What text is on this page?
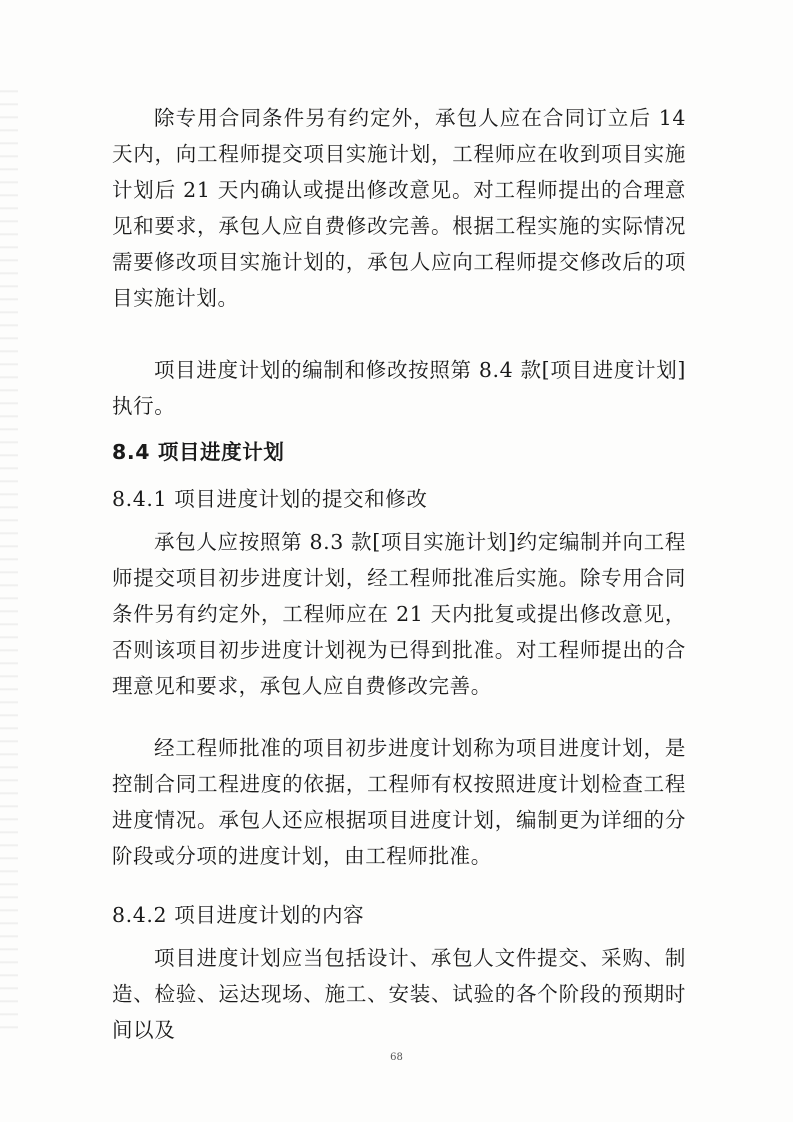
除专用合同条件另有约定外，承包人应在合同订立后 14 天内，向工程师提交项目实施计划，工程师应在收到项目实施计划后 21 天内确认或提出修改意见。对工程师提出的合理意见和要求，承包人应自费修改完善。根据工程实施的实际情况需要修改项目实施计划的，承包人应向工程师提交修改后的项目实施计划。

项目进度计划的编制和修改按照第 8.4 款[项目进度计划]执行。

8.4 项目进度计划

8.4.1 项目进度计划的提交和修改

承包人应按照第 8.3 款[项目实施计划]约定编制并向工程师提交项目初步进度计划，经工程师批准后实施。除专用合同条件另有约定外，工程师应在 21 天内批复或提出修改意见，否则该项目初步进度计划视为已得到批准。对工程师提出的合理意见和要求，承包人应自费修改完善。

经工程师批准的项目初步进度计划称为项目进度计划，是控制合同工程进度的依据，工程师有权按照进度计划检查工程进度情况。承包人还应根据项目进度计划，编制更为详细的分阶段或分项的进度计划，由工程师批准。

8.4.2 项目进度计划的内容

项目进度计划应当包括设计、承包人文件提交、采购、制造、检验、运达现场、施工、安装、试验的各个阶段的预期时间以及

68
